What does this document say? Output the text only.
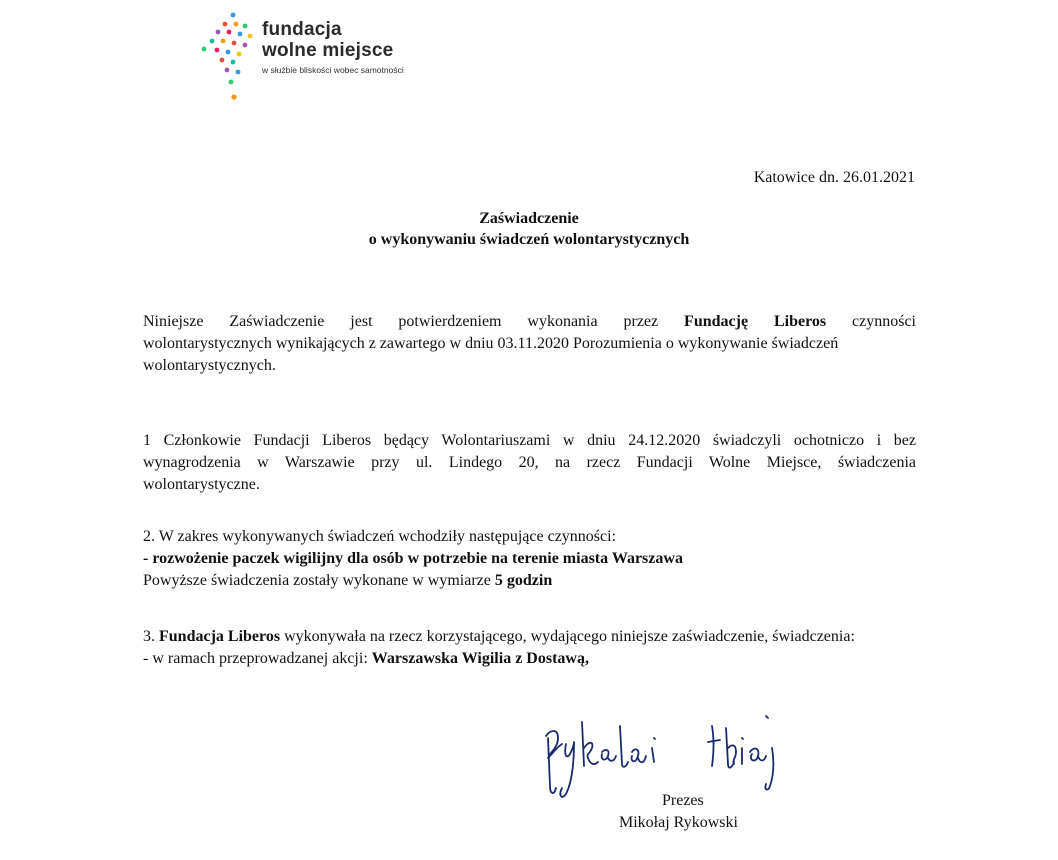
fundacja
wolne miejsce
w służbie bliskości wobec samotności
Katowice dn. 26.01.2021
Zaświadczenie
o wykonywaniu świadczeń wolontarystycznych
Niniejsze Zaświadczenie jest potwierdzeniem wykonania przez Fundację Liberos czynności
wolontarystycznych wynikających z zawartego w dniu 03.11.2020 Porozumienia o wykonywanie świadczeń
wolontarystycznych.
1 Członkowie Fundacji Liberos będący Wolontariuszami w dniu 24.12.2020 świadczyli ochotniczo i bez
wynagrodzenia w Warszawie przy ul. Lindego 20, na rzecz Fundacji Wolne Miejsce, świadczenia
wolontarystyczne.
2. W zakres wykonywanych świadczeń wchodziły następujące czynności:
- rozwożenie paczek wigilijny dla osób w potrzebie na terenie miasta Warszawa
Powyższe świadczenia zostały wykonane w wymiarze 5 godzin
3. Fundacja Liberos wykonywała na rzecz korzystającego, wydającego niniejsze zaświadczenie, świadczenia:
- w ramach przeprowadzanej akcji: Warszawska Wigilia z Dostawą,
Prezes
Mikołaj Rykowski
